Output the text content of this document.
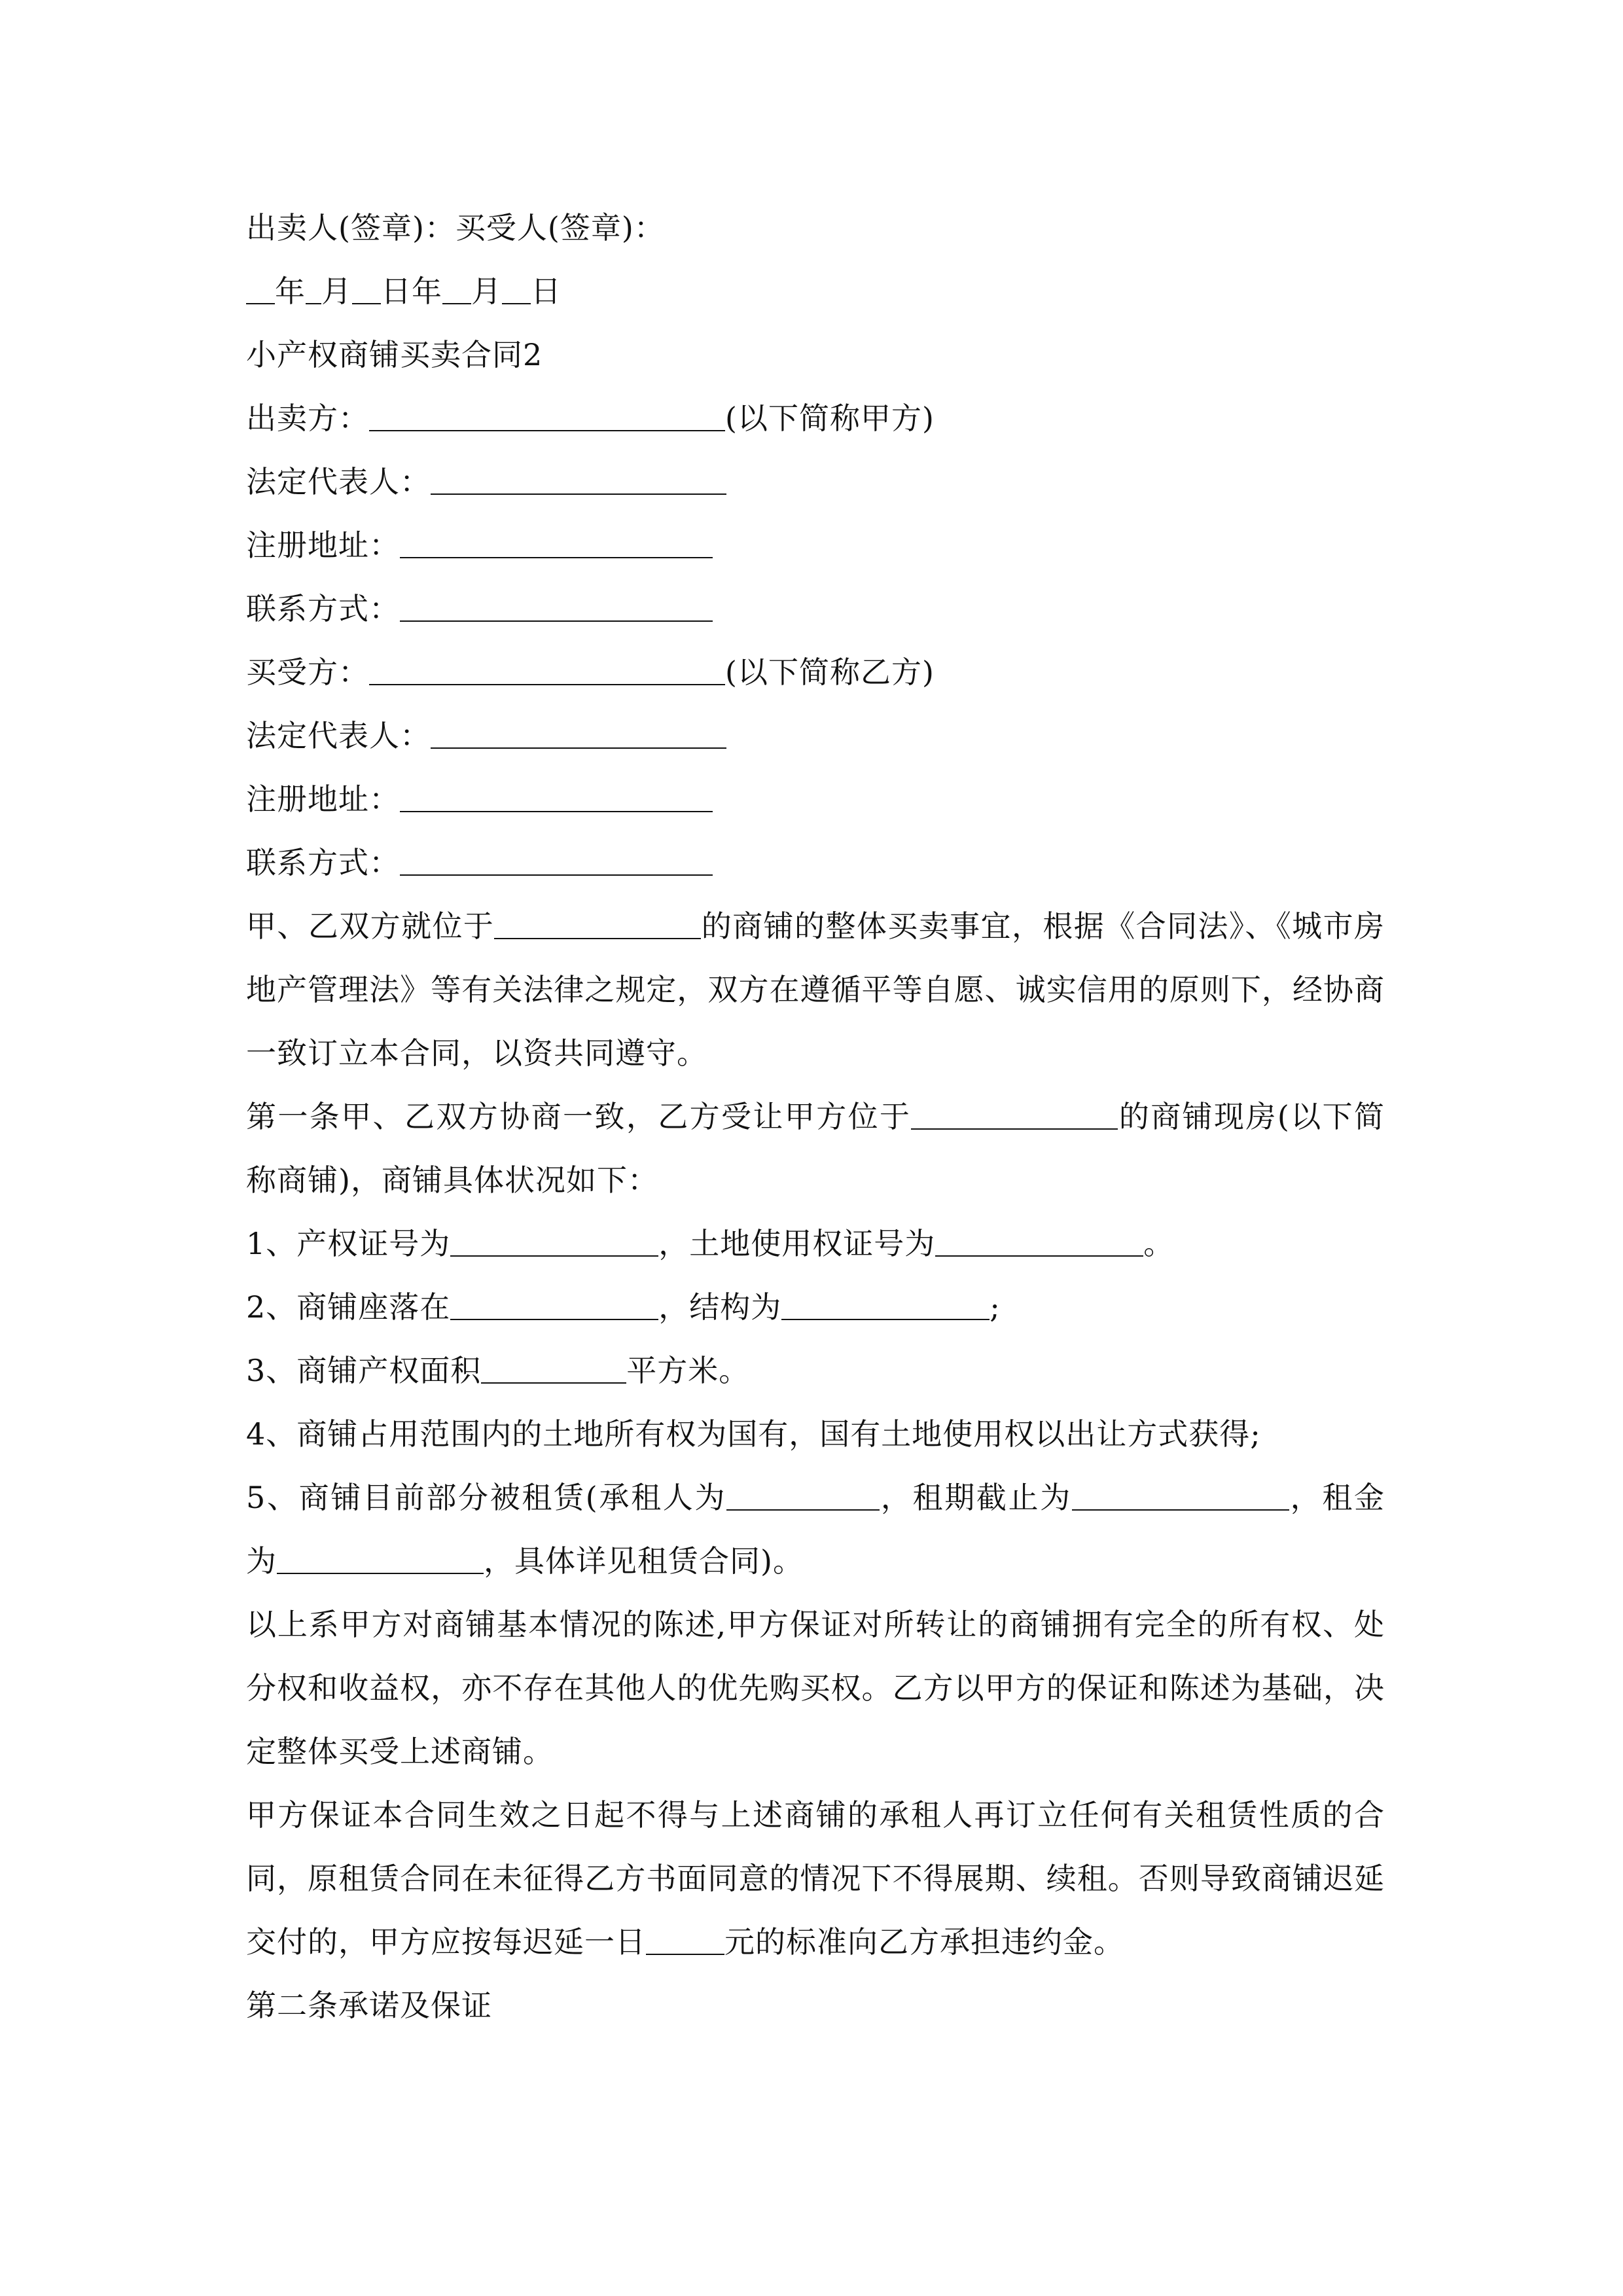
出卖人(签章)：买受人(签章)：
年 月 日年 月 日
小产权商铺买卖合同2
出卖方：	(以下简称甲方)
法定代表人：
注册地址：
联系方式：
买受方：	(以下简称乙方)
法定代表人：
注册地址：
联系方式：
甲、乙双方就位于	的商铺的整体买卖事宜，根据《合同法》、《城市房地产管理法》等有关法律之规定，双方在遵循平等自愿、诚实信用的原则下，经协商一致订立本合同，以资共同遵守。
第一条甲、乙双方协商一致，乙方受让甲方位于	的商铺现房(以下简称商铺)，商铺具体状况如下：
1、产权证号为	，土地使用权证号为	。
2、商铺座落在	，结构为	;
3、商铺产权面积	平方米。
4、商铺占用范围内的土地所有权为国有，国有土地使用权以出让方式获得;
5、商铺目前部分被租赁(承租人为	，租期截止为	，租金为	，具体详见租赁合同)。
以上系甲方对商铺基本情况的陈述,甲方保证对所转让的商铺拥有完全的所有权、处分权和收益权，亦不存在其他人的优先购买权。乙方以甲方的保证和陈述为基础，决定整体买受上述商铺。
甲方保证本合同生效之日起不得与上述商铺的承租人再订立任何有关租赁性质的合同，原租赁合同在未征得乙方书面同意的情况下不得展期、续租。否则导致商铺迟延交付的，甲方应按每迟延一日	元的标准向乙方承担违约金。
第二条承诺及保证
